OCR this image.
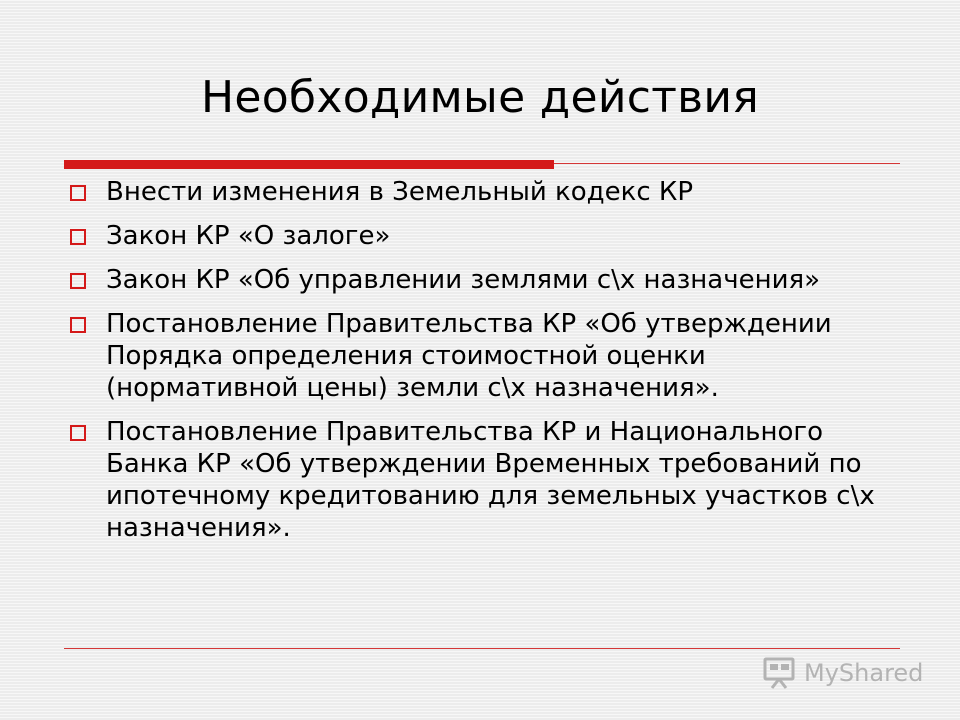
Необходимые действия
Внести изменения в Земельный кодекс КР
Закон КР «О залоге»
Закон КР «Об управлении землями с\х назначения»
Постановление Правительства КР «Об утверждении Порядка определения стоимостной оценки (нормативной цены) земли с\х назначения».
Постановление Правительства КР и Национального Банка КР «Об утверждении Временных требований по ипотечному кредитованию для земельных участков с\х назначения».
MyShared
